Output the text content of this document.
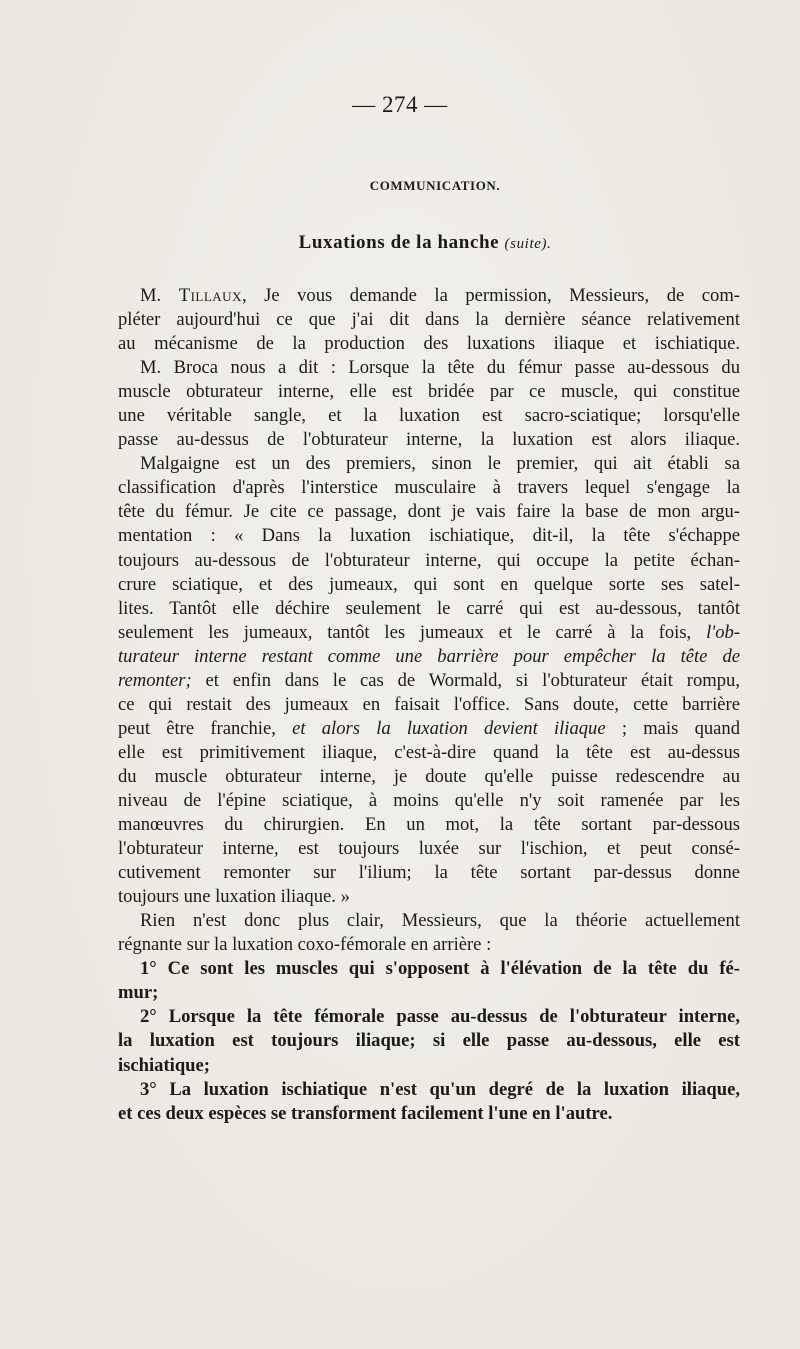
— 274 —
COMMUNICATION.
Luxations de la hanche (suite).
M. Tillaux, Je vous demande la permission, Messieurs, de com-
pléter aujourd'hui ce que j'ai dit dans la dernière séance relativement
au mécanisme de la production des luxations iliaque et ischiatique.
M. Broca nous a dit : Lorsque la tête du fémur passe au-dessous du
muscle obturateur interne, elle est bridée par ce muscle, qui constitue
une véritable sangle, et la luxation est sacro-sciatique; lorsqu'elle
passe au-dessus de l'obturateur interne, la luxation est alors iliaque.
Malgaigne est un des premiers, sinon le premier, qui ait établi sa
classification d'après l'interstice musculaire à travers lequel s'engage la
tête du fémur. Je cite ce passage, dont je vais faire la base de mon argu-
mentation : « Dans la luxation ischiatique, dit-il, la tête s'échappe
toujours au-dessous de l'obturateur interne, qui occupe la petite échan-
crure sciatique, et des jumeaux, qui sont en quelque sorte ses satel-
lites. Tantôt elle déchire seulement le carré qui est au-dessous, tantôt
seulement les jumeaux, tantôt les jumeaux et le carré à la fois, l'ob-
turateur interne restant comme une barrière pour empêcher la tête de
remonter; et enfin dans le cas de Wormald, si l'obturateur était rompu,
ce qui restait des jumeaux en faisait l'office. Sans doute, cette barrière
peut être franchie, et alors la luxation devient iliaque ; mais quand
elle est primitivement iliaque, c'est-à-dire quand la tête est au-dessus
du muscle obturateur interne, je doute qu'elle puisse redescendre au
niveau de l'épine sciatique, à moins qu'elle n'y soit ramenée par les
manœuvres du chirurgien. En un mot, la tête sortant par-dessous
l'obturateur interne, est toujours luxée sur l'ischion, et peut consé-
cutivement remonter sur l'ilium; la tête sortant par-dessus donne
toujours une luxation iliaque. »
Rien n'est donc plus clair, Messieurs, que la théorie actuellement
régnante sur la luxation coxo-fémorale en arrière :
1° Ce sont les muscles qui s'opposent à l'élévation de la tête du fé-
mur;
2° Lorsque la tête fémorale passe au-dessus de l'obturateur interne,
la luxation est toujours iliaque; si elle passe au-dessous, elle est
ischiatique;
3° La luxation ischiatique n'est qu'un degré de la luxation iliaque,
et ces deux espèces se transforment facilement l'une en l'autre.
